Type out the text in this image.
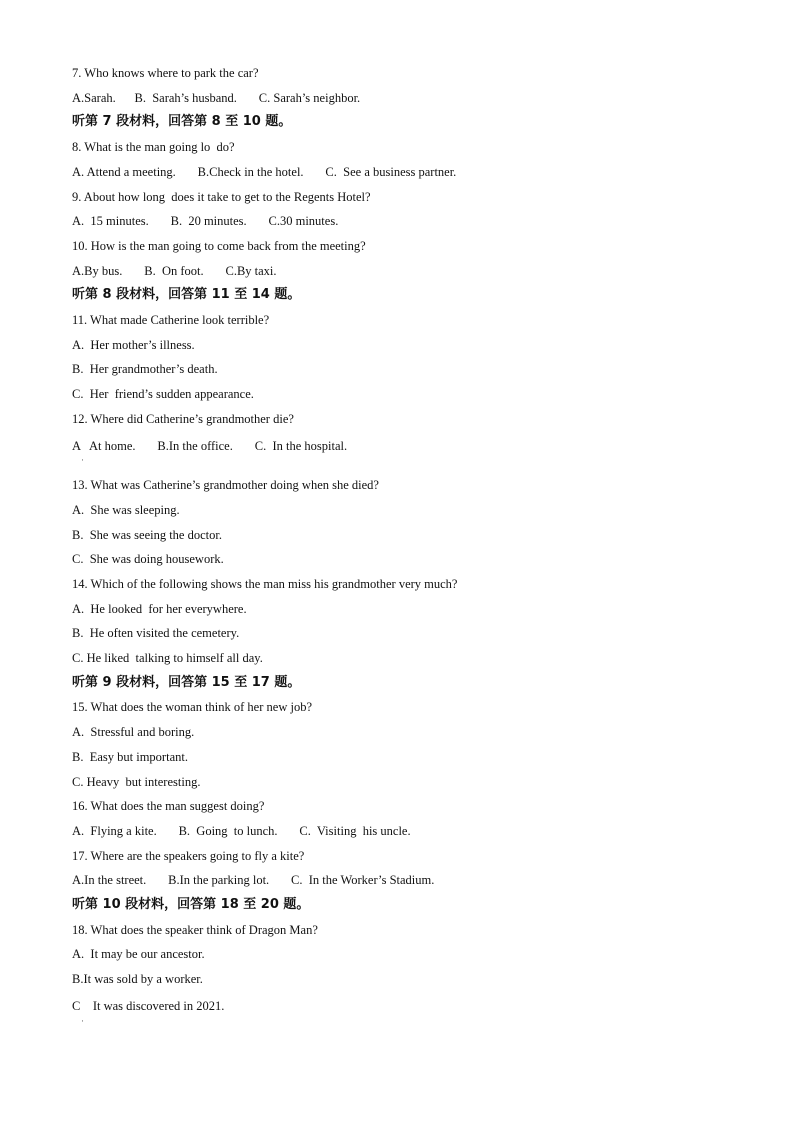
7. Who knows where to park the car?
A.Sarah.      B.  Sarah’s husband.       C. Sarah’s neighbor.
听第 7 段材料，回答第 8 至 10 题。
8. What is the man going lo  do?
A. Attend a meeting.       B.Check in the hotel.       C.  See a business partner.
9. About how long  does it take to get to the Regents Hotel?
A.  15 minutes.       B.  20 minutes.       C.30 minutes.
10. How is the man going to come back from the meeting?
A.By bus.       B.  On foot.       C.By taxi.
听第 8 段材料，回答第 11 至 14 题。
11. What made Catherine look terrible?
A.  Her mother’s illness.
B.  Her grandmother’s death.
C.  Her  friend’s sudden appearance.
12. Where did Catherine’s grandmother die?
A   At home.       B.In the office.       C.  In the hospital.
·
13. What was Catherine’s grandmother doing when she died?
A.  She was sleeping.
B.  She was seeing the doctor.
C.  She was doing housework.
14. Which of the following shows the man miss his grandmother very much?
A.  He looked  for her everywhere.
B.  He often visited the cemetery.
C. He liked  talking to himself all day.
听第 9 段材料，回答第 15 至 17 题。
15. What does the woman think of her new job?
A.  Stressful and boring.
B.  Easy but important.
C. Heavy  but interesting.
16. What does the man suggest doing?
A.  Flying a kite.       B.  Going  to lunch.       C.  Visiting  his uncle.
17. Where are the speakers going to fly a kite?
A.In the street.       B.In the parking lot.       C.  In the Worker’s Stadium.
听第 10 段材料，回答第 18 至 20 题。
18. What does the speaker think of Dragon Man?
A.  It may be our ancestor.
B.It was sold by a worker.
C    It was discovered in 2021.
·
